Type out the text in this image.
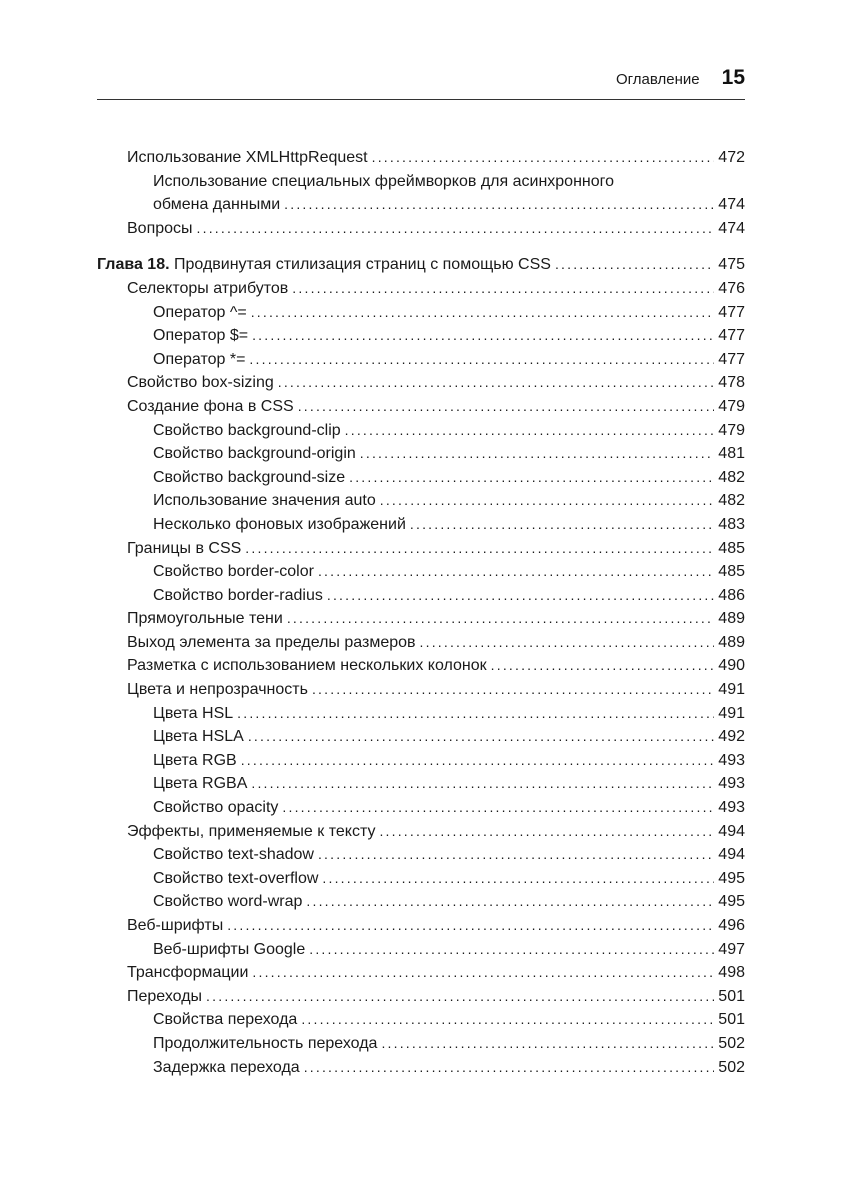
Оглавление 15
Использование XMLHttpRequest .....	472
Использование специальных фреймворков для асинхронного
обмена данными .....	474
Вопросы .....	474
Глава 18. Продвинутая стилизация страниц с помощью CSS .....	475
Селекторы атрибутов .....	476
Оператор ^= .....	477
Оператор $= .....	477
Оператор *= .....	477
Свойство box-sizing .....	478
Создание фона в CSS .....	479
Свойство background-clip .....	479
Свойство background-origin .....	481
Свойство background-size .....	482
Использование значения auto .....	482
Несколько фоновых изображений .....	483
Границы в CSS .....	485
Свойство border-color .....	485
Свойство border-radius .....	486
Прямоугольные тени .....	489
Выход элемента за пределы размеров .....	489
Разметка с использованием нескольких колонок .....	490
Цвета и непрозрачность .....	491
Цвета HSL .....	491
Цвета HSLA .....	492
Цвета RGB .....	493
Цвета RGBA .....	493
Свойство opacity .....	493
Эффекты, применяемые к тексту .....	494
Свойство text-shadow .....	494
Свойство text-overflow .....	495
Свойство word-wrap .....	495
Веб-шрифты .....	496
Веб-шрифты Google .....	497
Трансформации .....	498
Переходы .....	501
Свойства перехода .....	501
Продолжительность перехода .....	502
Задержка перехода .....	502
